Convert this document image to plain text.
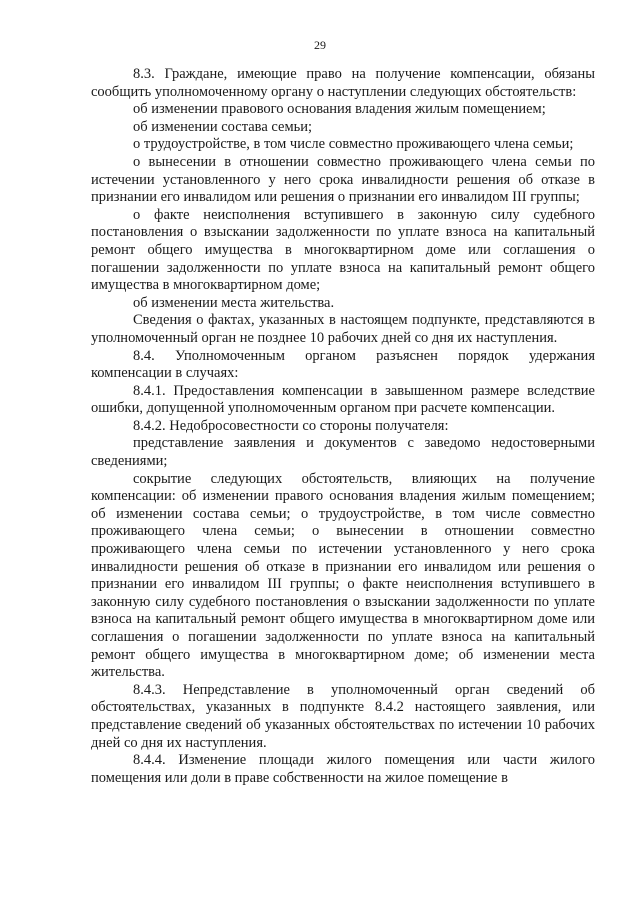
29

8.3. Граждане, имеющие право на получение компенсации, обязаны сообщить уполномоченному органу о наступлении следующих обстоятельств:

об изменении правового основания владения жилым помещением;

об изменении состава семьи;

о трудоустройстве, в том числе совместно проживающего члена семьи;

о вынесении в отношении совместно проживающего члена семьи по истечении установленного у него срока инвалидности решения об отказе в признании его инвалидом или решения о признании его инвалидом III группы;

о факте неисполнения вступившего в законную силу судебного постановления о взыскании задолженности по уплате взноса на капитальный ремонт общего имущества в многоквартирном доме или соглашения о погашении задолженности по уплате взноса на капитальный ремонт общего имущества в многоквартирном доме;

об изменении места жительства.

Сведения о фактах, указанных в настоящем подпункте, представляются в уполномоченный орган не позднее 10 рабочих дней со дня их наступления.

8.4. Уполномоченным органом разъяснен порядок удержания компенсации в случаях:

8.4.1. Предоставления компенсации в завышенном размере вследствие ошибки, допущенной уполномоченным органом при расчете компенсации.

8.4.2. Недобросовестности со стороны получателя:

представление заявления и документов с заведомо недостоверными сведениями;

сокрытие следующих обстоятельств, влияющих на получение компенсации: об изменении правого основания владения жилым помещением; об изменении состава семьи; о трудоустройстве, в том числе совместно проживающего члена семьи; о вынесении в отношении совместно проживающего члена семьи по истечении установленного у него срока инвалидности решения об отказе в признании его инвалидом или решения о признании его инвалидом III группы; о факте неисполнения вступившего в законную силу судебного постановления о взыскании задолженности по уплате взноса на капитальный ремонт общего имущества в многоквартирном доме или соглашения о погашении задолженности по уплате взноса на капитальный ремонт общего имущества в многоквартирном доме; об изменении места жительства.

8.4.3. Непредставление в уполномоченный орган сведений об обстоятельствах, указанных в подпункте 8.4.2 настоящего заявления, или представление сведений об указанных обстоятельствах по истечении 10 рабочих дней со дня их наступления.

8.4.4. Изменение площади жилого помещения или части жилого помещения или доли в праве собственности на жилое помещение в
